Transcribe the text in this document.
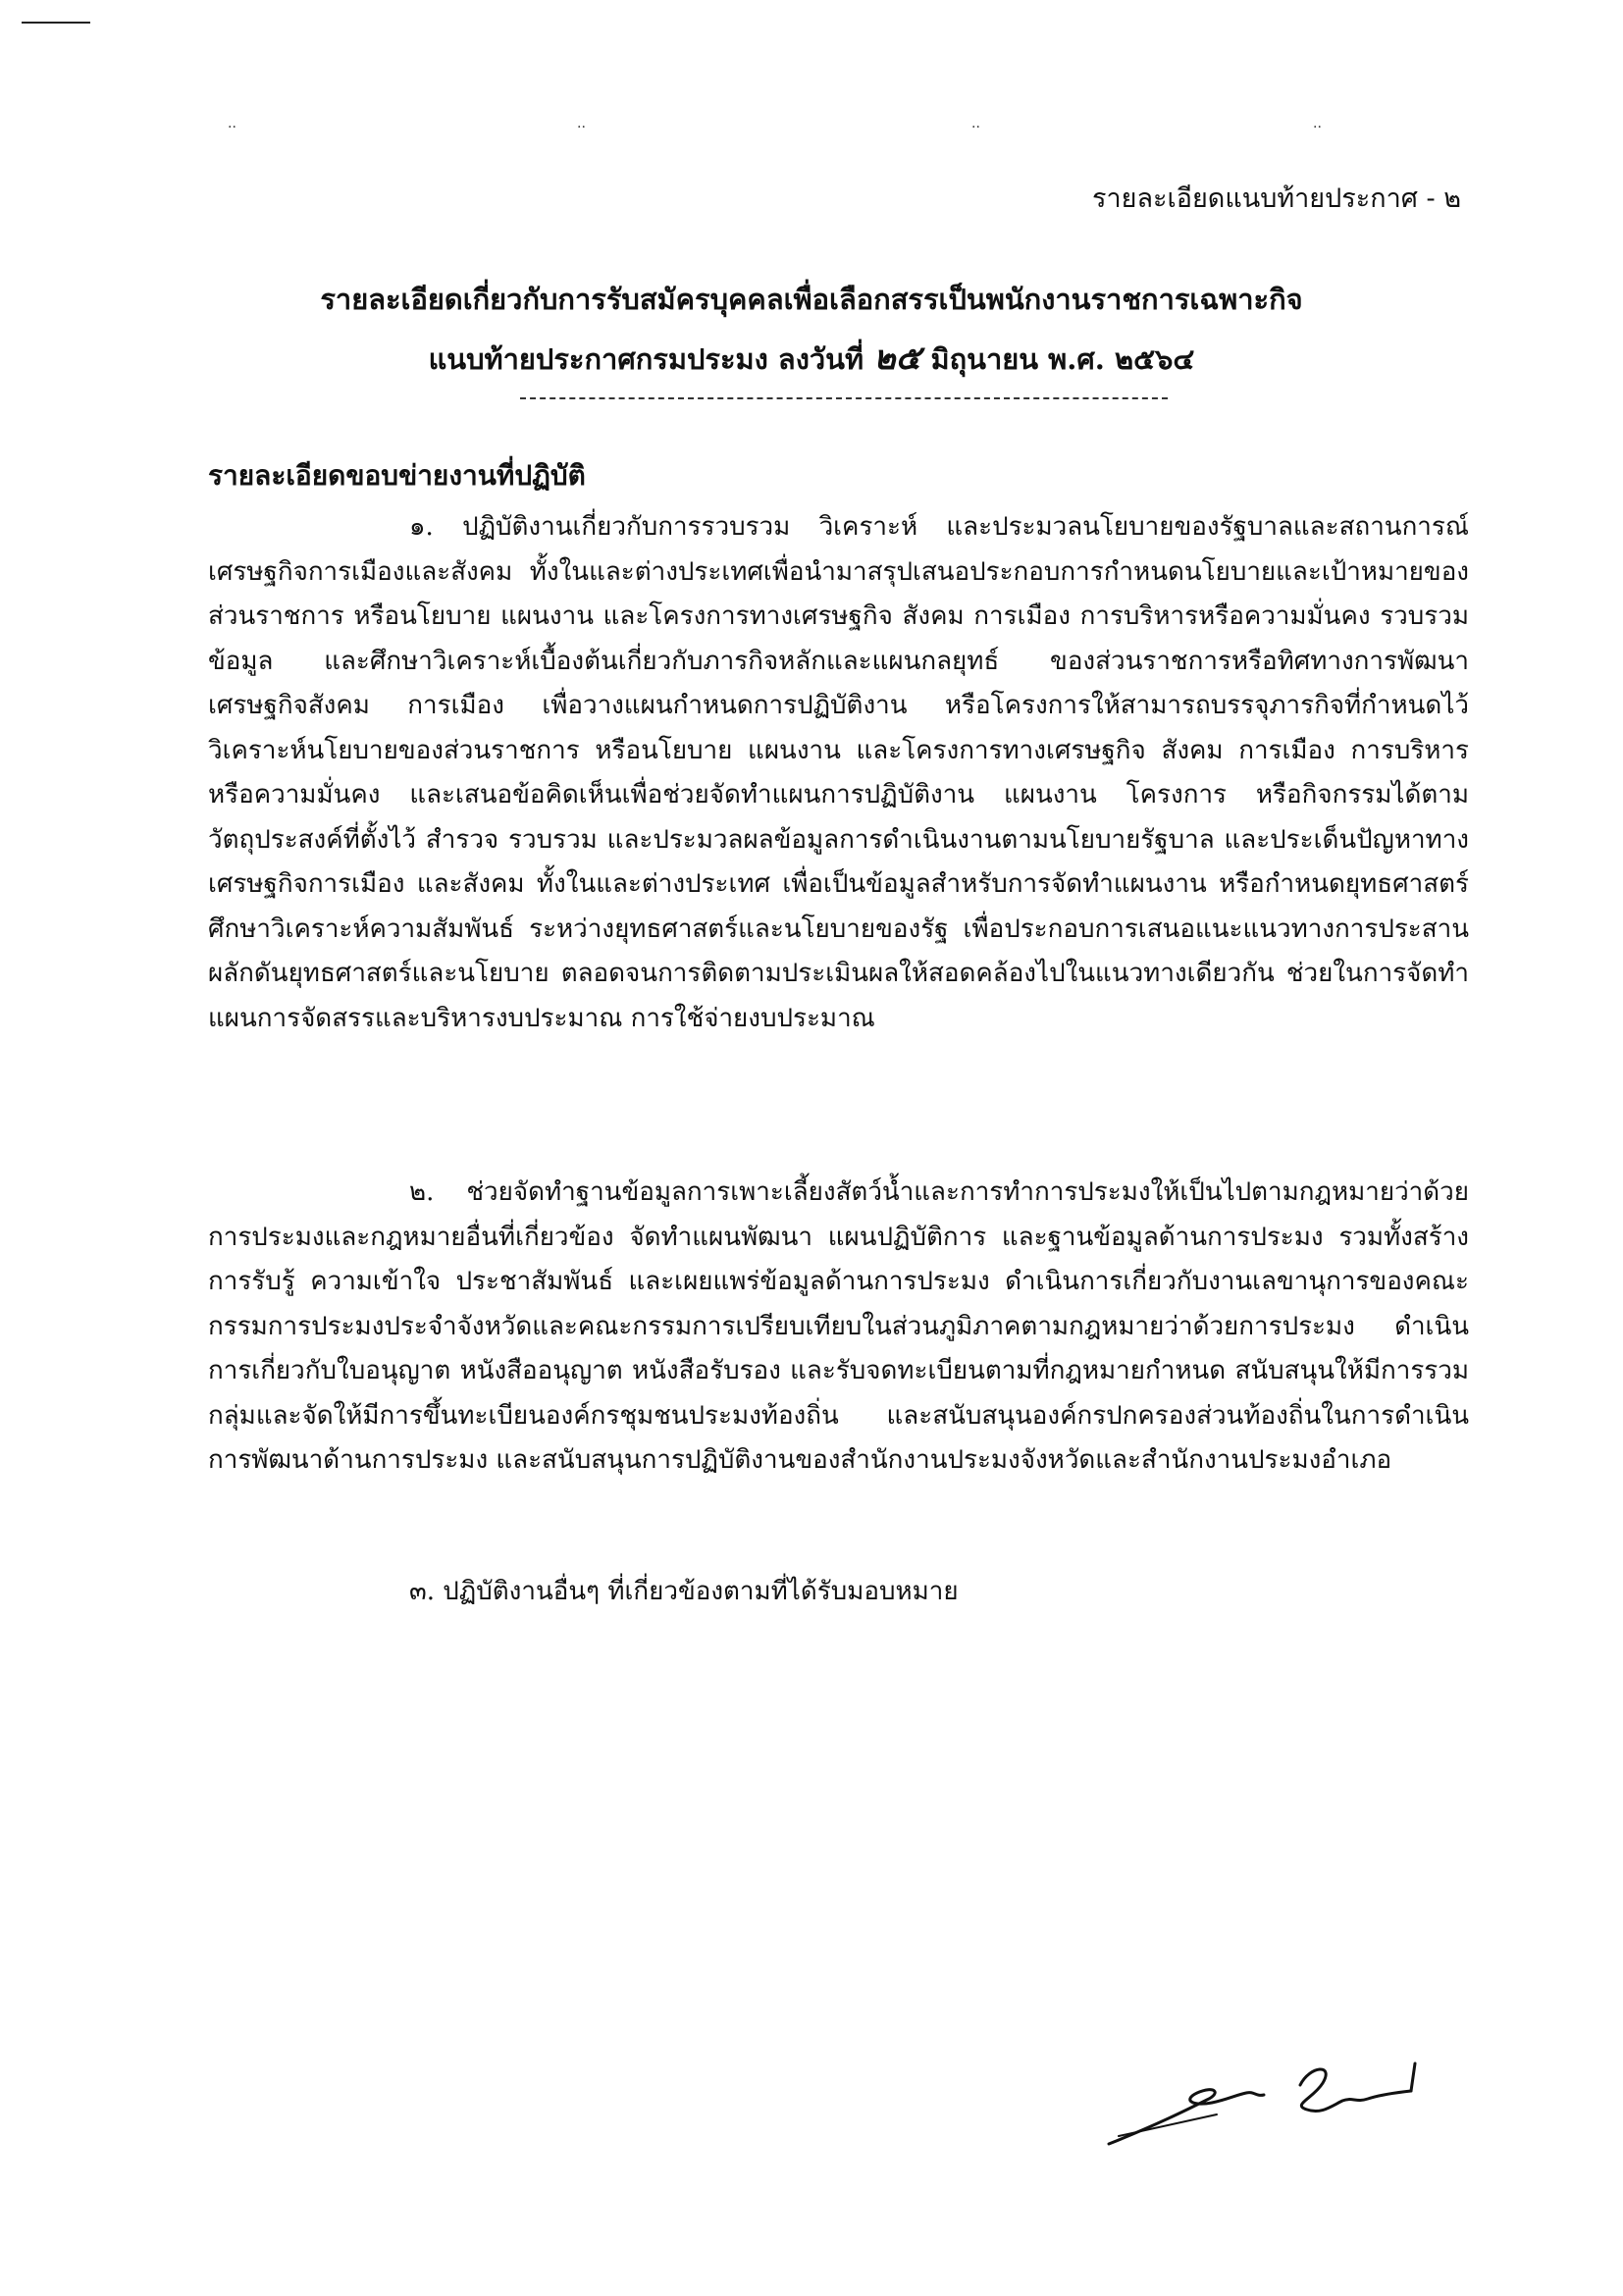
..	..	..	..
รายละเอียดแนบท้ายประกาศ - ๒
รายละเอียดเกี่ยวกับการรับสมัครบุคคลเพื่อเลือกสรรเป็นพนักงานราชการเฉพาะกิจ
แนบท้ายประกาศกรมประมง ลงวันที่ ๒๕ มิถุนายน พ.ศ. ๒๕๖๔
รายละเอียดขอบข่ายงานที่ปฏิบัติ

๑. ปฏิบัติงานเกี่ยวกับการรวบรวม วิเคราะห์ และประมวลนโยบายของรัฐบาลและสถานการณ์เศรษฐกิจการเมืองและสังคม ทั้งในและต่างประเทศเพื่อนำมาสรุปเสนอประกอบการกำหนดนโยบายและเป้าหมายของส่วนราชการ หรือนโยบาย แผนงาน และโครงการทางเศรษฐกิจ สังคม การเมือง การบริหารหรือความมั่นคง รวบรวมข้อมูล และศึกษาวิเคราะห์เบื้องต้นเกี่ยวกับภารกิจหลักและแผนกลยุทธ์ ของส่วนราชการหรือทิศทางการพัฒนาเศรษฐกิจสังคม การเมือง เพื่อวางแผนกำหนดการปฏิบัติงาน หรือโครงการให้สามารถบรรจุภารกิจที่กำหนดไว้ วิเคราะห์นโยบายของส่วนราชการ หรือนโยบาย แผนงาน และโครงการทางเศรษฐกิจ สังคม การเมือง การบริหารหรือความมั่นคง และเสนอข้อคิดเห็นเพื่อช่วยจัดทำแผนการปฏิบัติงาน แผนงาน โครงการ หรือกิจกรรมได้ตามวัตถุประสงค์ที่ตั้งไว้ สำรวจ รวบรวม และประมวลผลข้อมูลการดำเนินงานตามนโยบายรัฐบาล และประเด็นปัญหาทางเศรษฐกิจการเมือง และสังคม ทั้งในและต่างประเทศ เพื่อเป็นข้อมูลสำหรับการจัดทำแผนงาน หรือกำหนดยุทธศาสตร์ ศึกษาวิเคราะห์ความสัมพันธ์ ระหว่างยุทธศาสตร์และนโยบายของรัฐ เพื่อประกอบการเสนอแนะแนวทางการประสานผลักดันยุทธศาสตร์และนโยบาย ตลอดจนการติดตามประเมินผลให้สอดคล้องไปในแนวทางเดียวกัน ช่วยในการจัดทำแผนการจัดสรรและบริหารงบประมาณ การใช้จ่ายงบประมาณ

๒. ช่วยจัดทำฐานข้อมูลการเพาะเลี้ยงสัตว์น้ำและการทำการประมงให้เป็นไปตามกฎหมายว่าด้วยการประมงและกฎหมายอื่นที่เกี่ยวข้อง จัดทำแผนพัฒนา แผนปฏิบัติการ และฐานข้อมูลด้านการประมง รวมทั้งสร้างการรับรู้ ความเข้าใจ ประชาสัมพันธ์ และเผยแพร่ข้อมูลด้านการประมง ดำเนินการเกี่ยวกับงานเลขานุการของคณะกรรมการประมงประจำจังหวัดและคณะกรรมการเปรียบเทียบในส่วนภูมิภาคตามกฎหมายว่าด้วยการประมง ดำเนินการเกี่ยวกับใบอนุญาต หนังสืออนุญาต หนังสือรับรอง และรับจดทะเบียนตามที่กฎหมายกำหนด สนับสนุนให้มีการรวมกลุ่มและจัดให้มีการขึ้นทะเบียนองค์กรชุมชนประมงท้องถิ่น และสนับสนุนองค์กรปกครองส่วนท้องถิ่นในการดำเนินการพัฒนาด้านการประมง และสนับสนุนการปฏิบัติงานของสำนักงานประมงจังหวัดและสำนักงานประมงอำเภอ

๓. ปฏิบัติงานอื่นๆ ที่เกี่ยวข้องตามที่ได้รับมอบหมาย
